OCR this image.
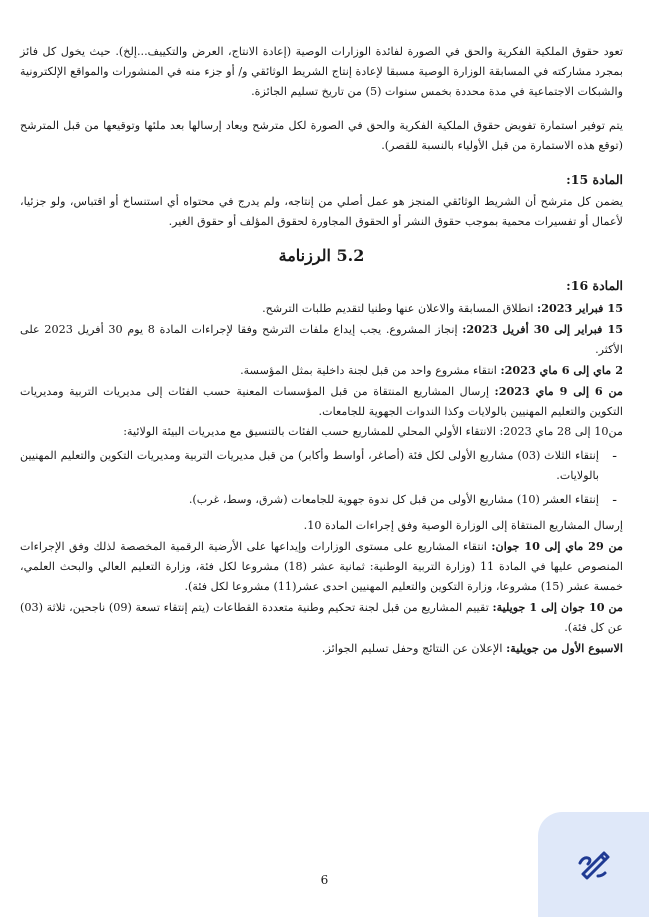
تعود حقوق الملكية الفكرية والحق في الصورة لفائدة الوزارات الوصية (إعادة الانتاج، العرض والتكييف...إلخ). حيث يخول كل فائز بمجرد مشاركته في المسابقة الوزارة الوصية مسبقا لإعادة إنتاج الشريط الوثائقي و/ أو جزء منه في المنشورات والمواقع الإلكترونية والشبكات الاجتماعية في مدة محددة بخمس سنوات (5) من تاريخ تسليم الجائزة.

يتم توفير استمارة تفويض حقوق الملكية الفكرية والحق في الصورة لكل مترشح ويعاد إرسالها بعد ملئها وتوقيعها من قبل المترشح (توقع هذه الاستمارة من قبل الأولياء بالنسبة للقصر).

المادة 15:

يضمن كل مترشح أن الشريط الوثائقي المنجز هو عمل أصلي من إنتاجه، ولم يدرج في محتواه أي استنساخ أو اقتباس، ولو جزئيا، لأعمال أو تفسيرات محمية بموجب حقوق النشر أو الحقوق المجاورة لحقوق المؤلف أو حقوق الغير.

5.2 الرزنامة

المادة 16:

15 فبراير 2023: انطلاق المسابقة والاعلان عنها وطنيا لتقديم طلبات الترشح.

15 فبراير إلى 30 أفريل 2023: إنجاز المشروع. يجب إيداع ملفات الترشح وفقا لإجراءات المادة 8 يوم 30 أفريل 2023 على الأكثر.

2 ماي إلى 6 ماي 2023: انتقاء مشروع واحد من قبل لجنة داخلية بمثل المؤسسة.

من 6 إلى 9 ماي 2023: إرسال المشاريع المنتقاة من قبل المؤسسات المعنية حسب الفئات إلى مديريات التربية ومديريات التكوين والتعليم المهنيين بالولايات وكذا الندوات الجهوية للجامعات.

من10 إلى 28 ماي 2023: الانتقاء الأولي المحلي للمشاريع حسب الفئات بالتنسيق مع مديريات البيئة الولائية:

-
إنتقاء الثلاث (03) مشاريع الأولى لكل فئة (أصاغر، أواسط وأكابر) من قبل مديريات التربية ومديريات التكوين والتعليم المهنيين بالولايات.
-
إنتقاء العشر (10) مشاريع الأولى من قبل كل ندوة جهوية للجامعات (شرق، وسط، غرب).

إرسال المشاريع المنتقاة إلى الوزارة الوصية وفق إجراءات المادة 10.

من 29 ماي إلى 10 جوان: انتقاء المشاريع على مستوى الوزارات وإيداعها على الأرضية الرقمية المخصصة لذلك وفق الإجراءات المنصوص عليها في المادة 11 (وزارة التربية الوطنية: ثمانية عشر (18) مشروعا لكل فئة، وزارة التعليم العالي والبحث العلمي، خمسة عشر (15) مشروعا، وزارة التكوين والتعليم المهنيين احدى عشر(11) مشروعا لكل فئة).

من 10 جوان إلى 1 جويلية: تقييم المشاريع من قبل لجنة تحكيم وطنية متعددة القطاعات (يتم إنتقاء تسعة (09) ناجحين، ثلاثة (03) عن كل فئة).

الاسبوع الأول من جويلية: الإعلان عن النتائج وحفل تسليم الجوائز.

6
